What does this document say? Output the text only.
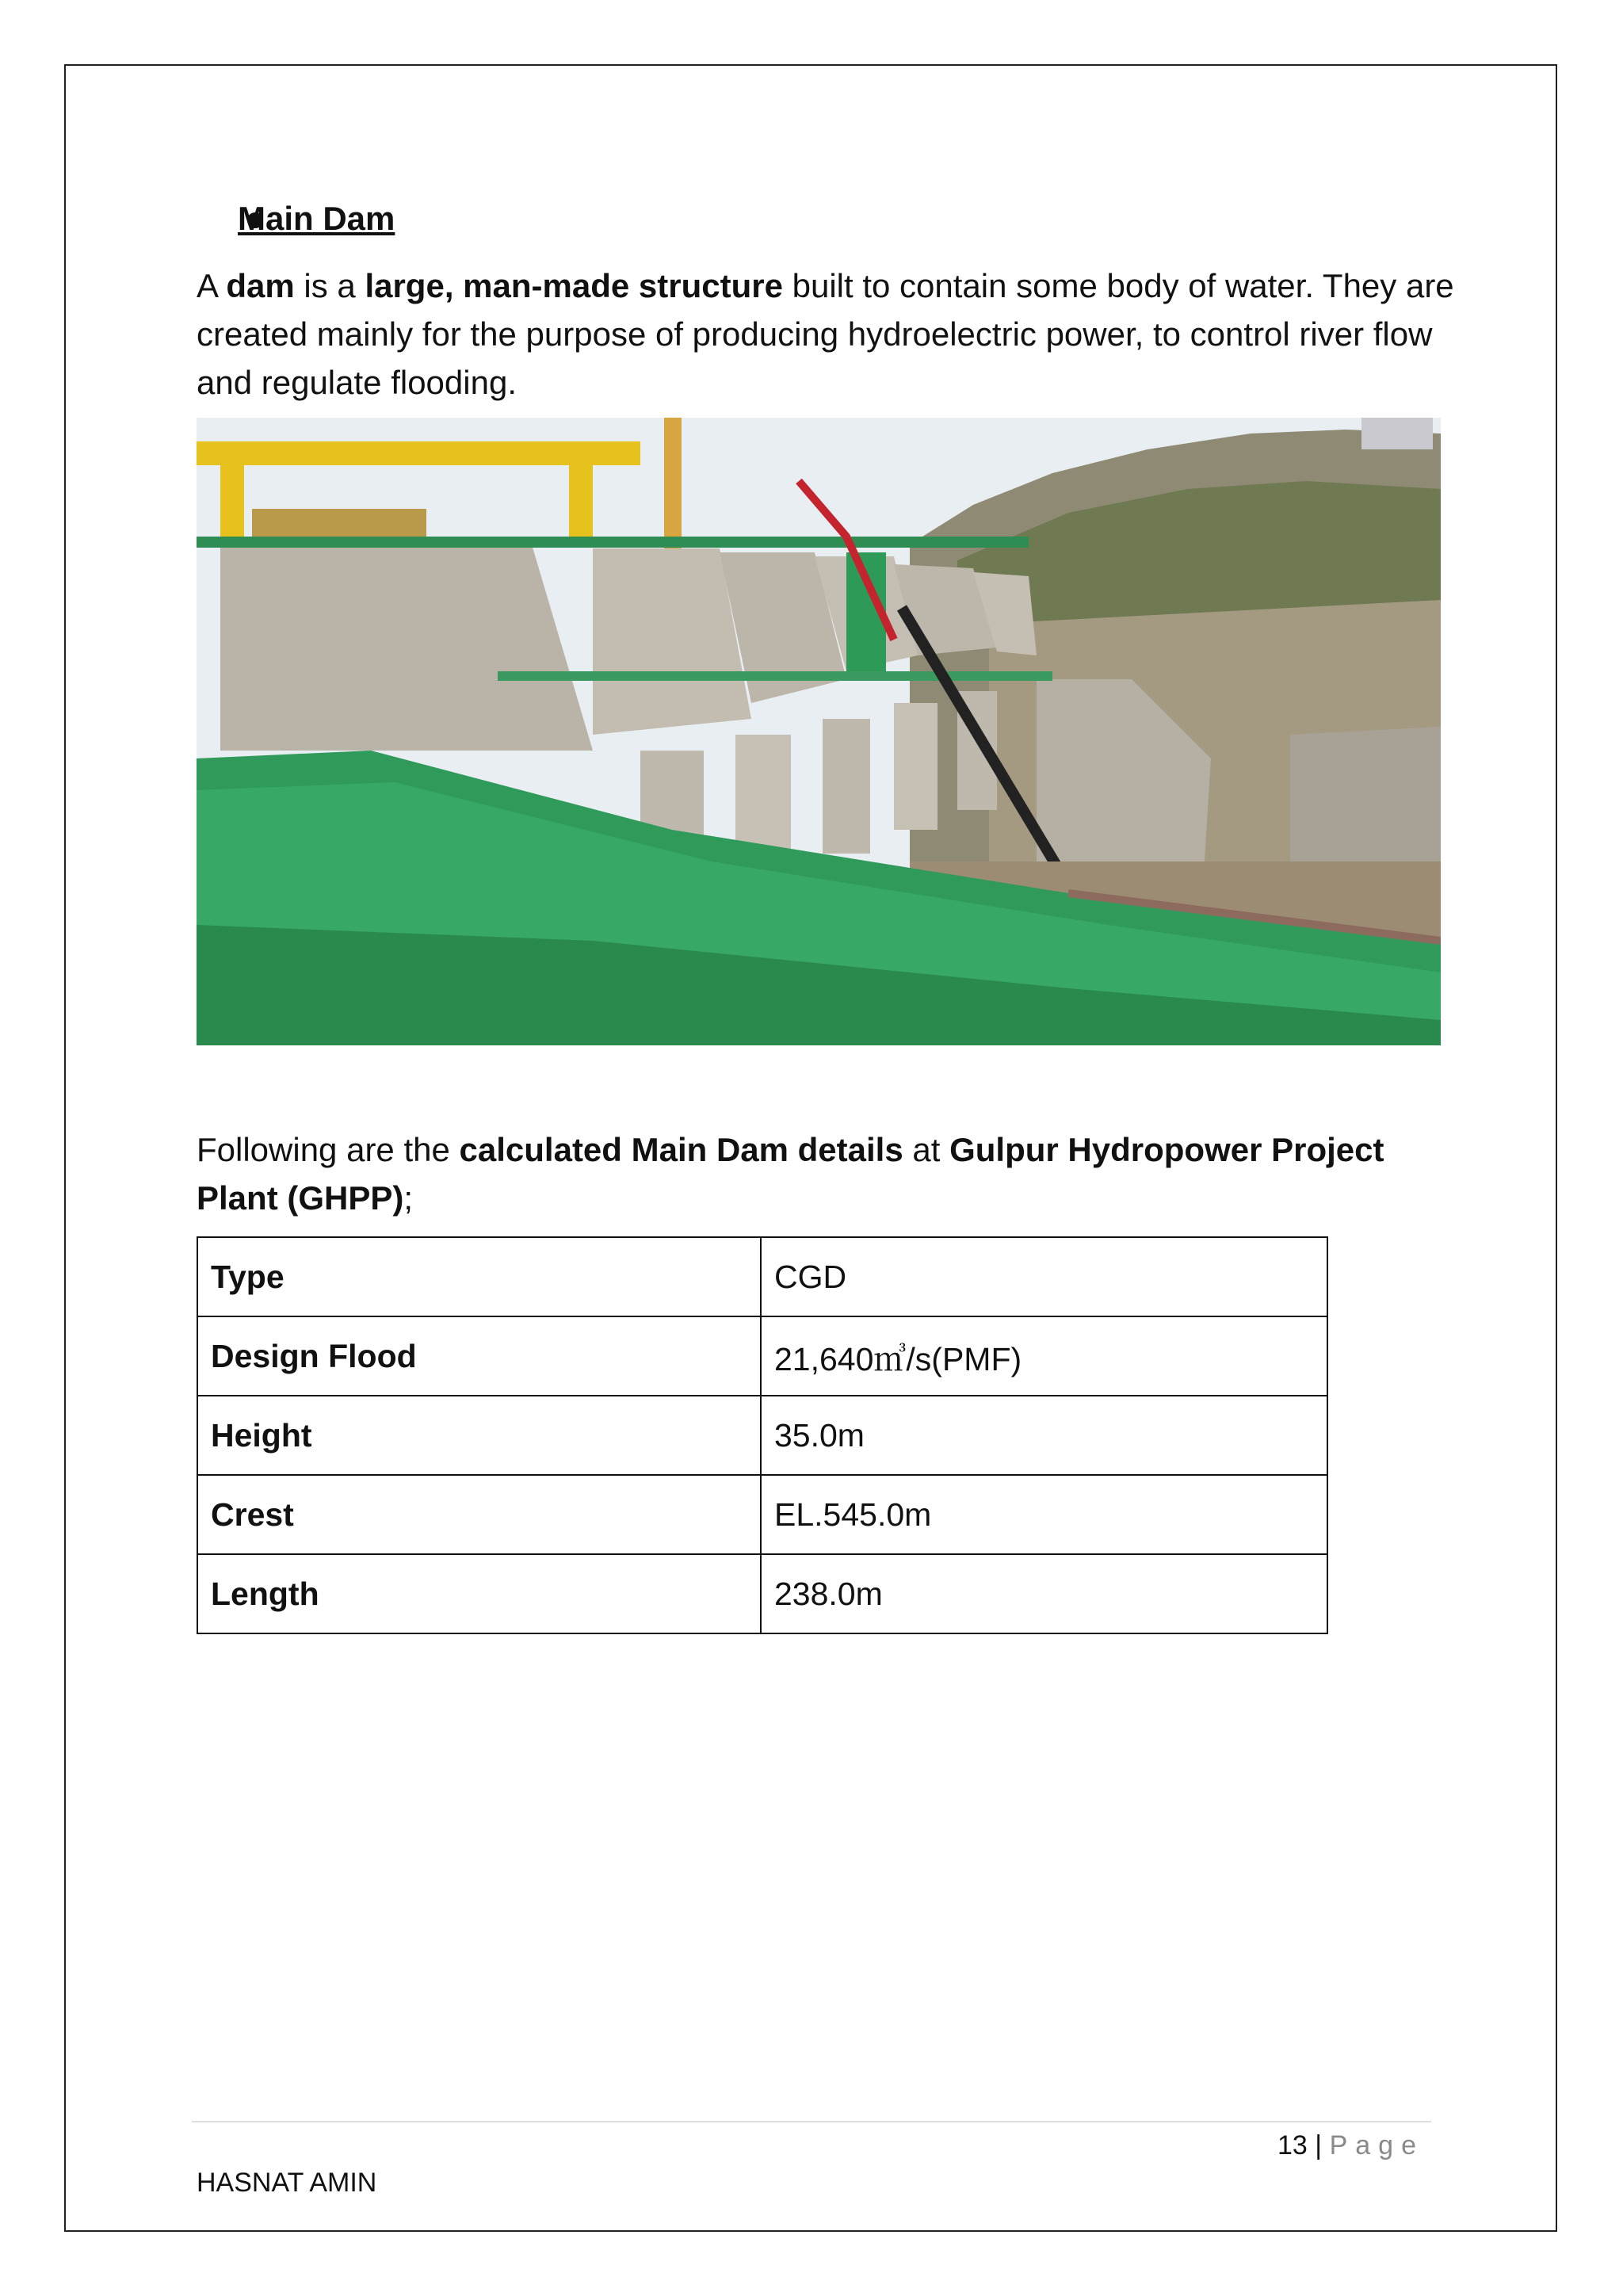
Main Dam
A dam is a large, man-made structure built to contain some body of water. They are created mainly for the purpose of producing hydroelectric power, to control river flow and regulate flooding.
Following are the calculated Main Dam details at Gulpur Hydropower Project Plant (GHPP);
Type	CGD
Design Flood	21,640㎥/s(PMF)
Height	35.0m
Crest	EL.545.0m
Length	238.0m
13 | Page
HASNAT AMIN
